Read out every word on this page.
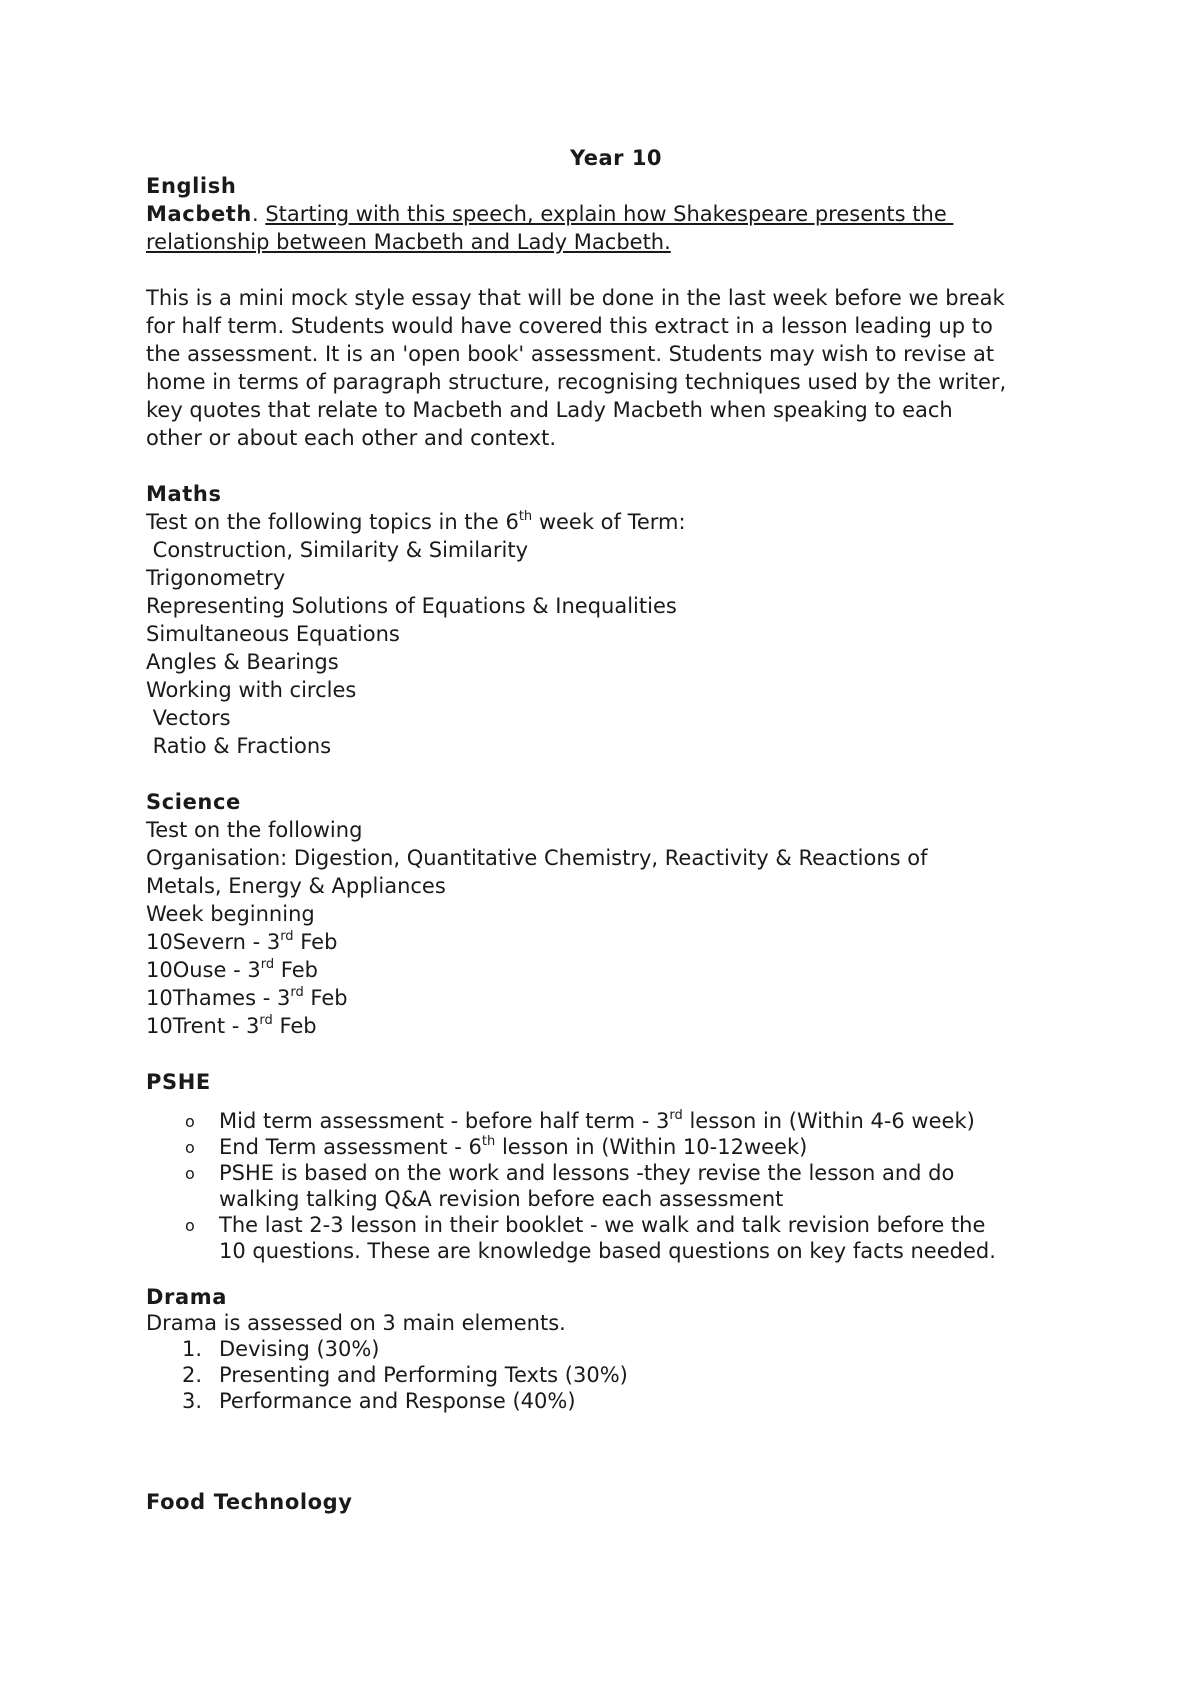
Year 10
English
Macbeth. Starting with this speech, explain how Shakespeare presents the
relationship between Macbeth and Lady Macbeth.
This is a mini mock style essay that will be done in the last week before we break
for half term. Students would have covered this extract in a lesson leading up to
the assessment. It is an 'open book' assessment. Students may wish to revise at
home in terms of paragraph structure, recognising techniques used by the writer,
key quotes that relate to Macbeth and Lady Macbeth when speaking to each
other or about each other and context.
Maths
Test on the following topics in the 6th week of Term:
Construction, Similarity & Similarity
Trigonometry
Representing Solutions of Equations & Inequalities
Simultaneous Equations
Angles & Bearings
Working with circles
Vectors
Ratio & Fractions
Science
Test on the following
Organisation: Digestion, Quantitative Chemistry, Reactivity & Reactions of
Metals, Energy & Appliances
Week beginning
10Severn - 3rd Feb
10Ouse - 3rd Feb
10Thames - 3rd Feb
10Trent - 3rd Feb
PSHE
o Mid term assessment - before half term - 3rd lesson in (Within 4-6 week)
o End Term assessment - 6th lesson in (Within 10-12week)
o PSHE is based on the work and lessons -they revise the lesson and do
walking talking Q&A revision before each assessment
o The last 2-3 lesson in their booklet - we walk and talk revision before the
10 questions. These are knowledge based questions on key facts needed.
Drama
Drama is assessed on 3 main elements.
1. Devising (30%)
2. Presenting and Performing Texts (30%)
3. Performance and Response (40%)
Food Technology
